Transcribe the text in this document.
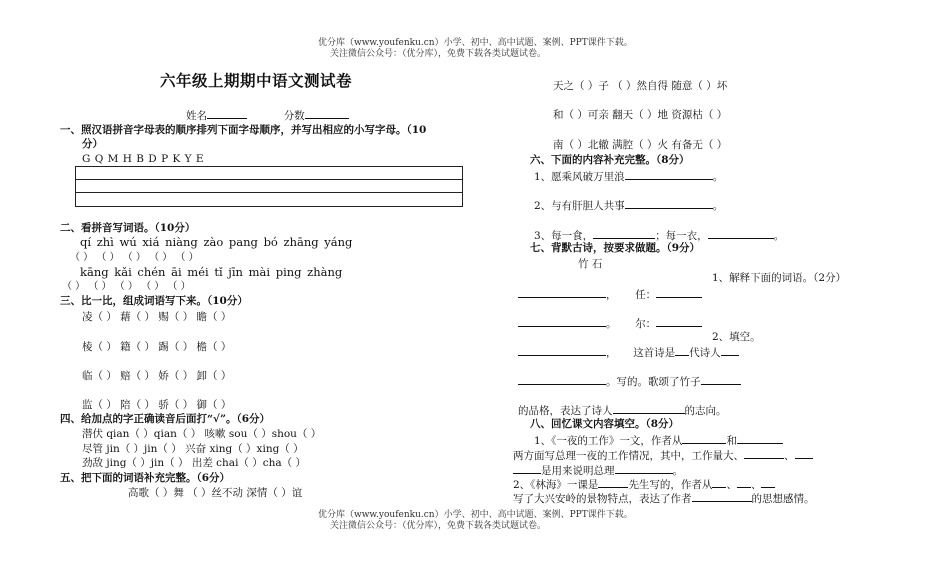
优分库（www.youfenku.cn）小学、初中、高中试题、案例、PPT课件下载。
关注微信公众号：（优分库），免费下载各类试题试卷。
六年级上期期中语文测试卷
姓名	分数
一、照汉语拼音字母表的顺序排列下面字母顺序，并写出相应的小写字母。（10
分）
G Q M H B D P K Y E
二、看拼音写词语。（10分）
qí zhì wú xiá niàng zào pang bó zhāng yáng
（ ） （ ） （ ） （ ） （ ）
kāng kǎi chén āi méi tǐ jīn mài ping zhàng
（ ） （ ） （ ） （ ） （ ）
三、比一比，组成词语写下来。（10分）
凌（ ） 藉（ ） 赐（ ） 瞻（ ）
棱（ ） 籍（ ） 踢（ ） 檐（ ）
临（ ） 赔（ ） 娇（ ） 卸（ ）
监（ ） 陪（ ） 骄（ ） 御（ ）
四、给加点的字正确读音后面打“√”。（6分）
潜伏 qian（ ）qian（ ） 咳嗽 sou（ ）shou（ ）
尽管 jin（ ）jin（ ） 兴奋 xing（ ）xing（ ）
劲敌 jing（ ）jin（ ） 出差 chai（ ）cha（ ）
五、把下面的词语补充完整。（6分）
高歌（ ）舞 （ ）丝不动 深情（ ）谊
天之（ ）子 （ ）然自得 随意（ ）坏
和（ ）可亲 翻天（ ）地 资源枯（ ）
南（ ）北辙 满腔（ ）火 有备无（ ）
六、下面的内容补充完整。（8分）
1、愿乘风破万里浪	。
2、与有肝胆人共事	。
3、每一食，	；每一衣，	。
七、背默古诗，按要求做题。（9分）
竹 石
1、解释下面的词语。（2分）
， 任：
。 尔：
2、填空。
， 这首诗是 代诗人
。写的。歌颂了竹子
的品格，表达了诗人	的志向。
八、回忆课文内容填空。（8分）
1、《一夜的工作》一文，作者从	和
两方面写总理一夜的工作情况，其中，工作量大、	、
是用来说明总理	。
2、《林海》一课是	先生写的，作者从 、 、
写了大兴安岭的景物特点，表达了作者	的思想感情。
优分库（www.youfenku.cn）小学、初中、高中试题、案例、PPT课件下载。
关注微信公众号：（优分库），免费下载各类试题试卷。
